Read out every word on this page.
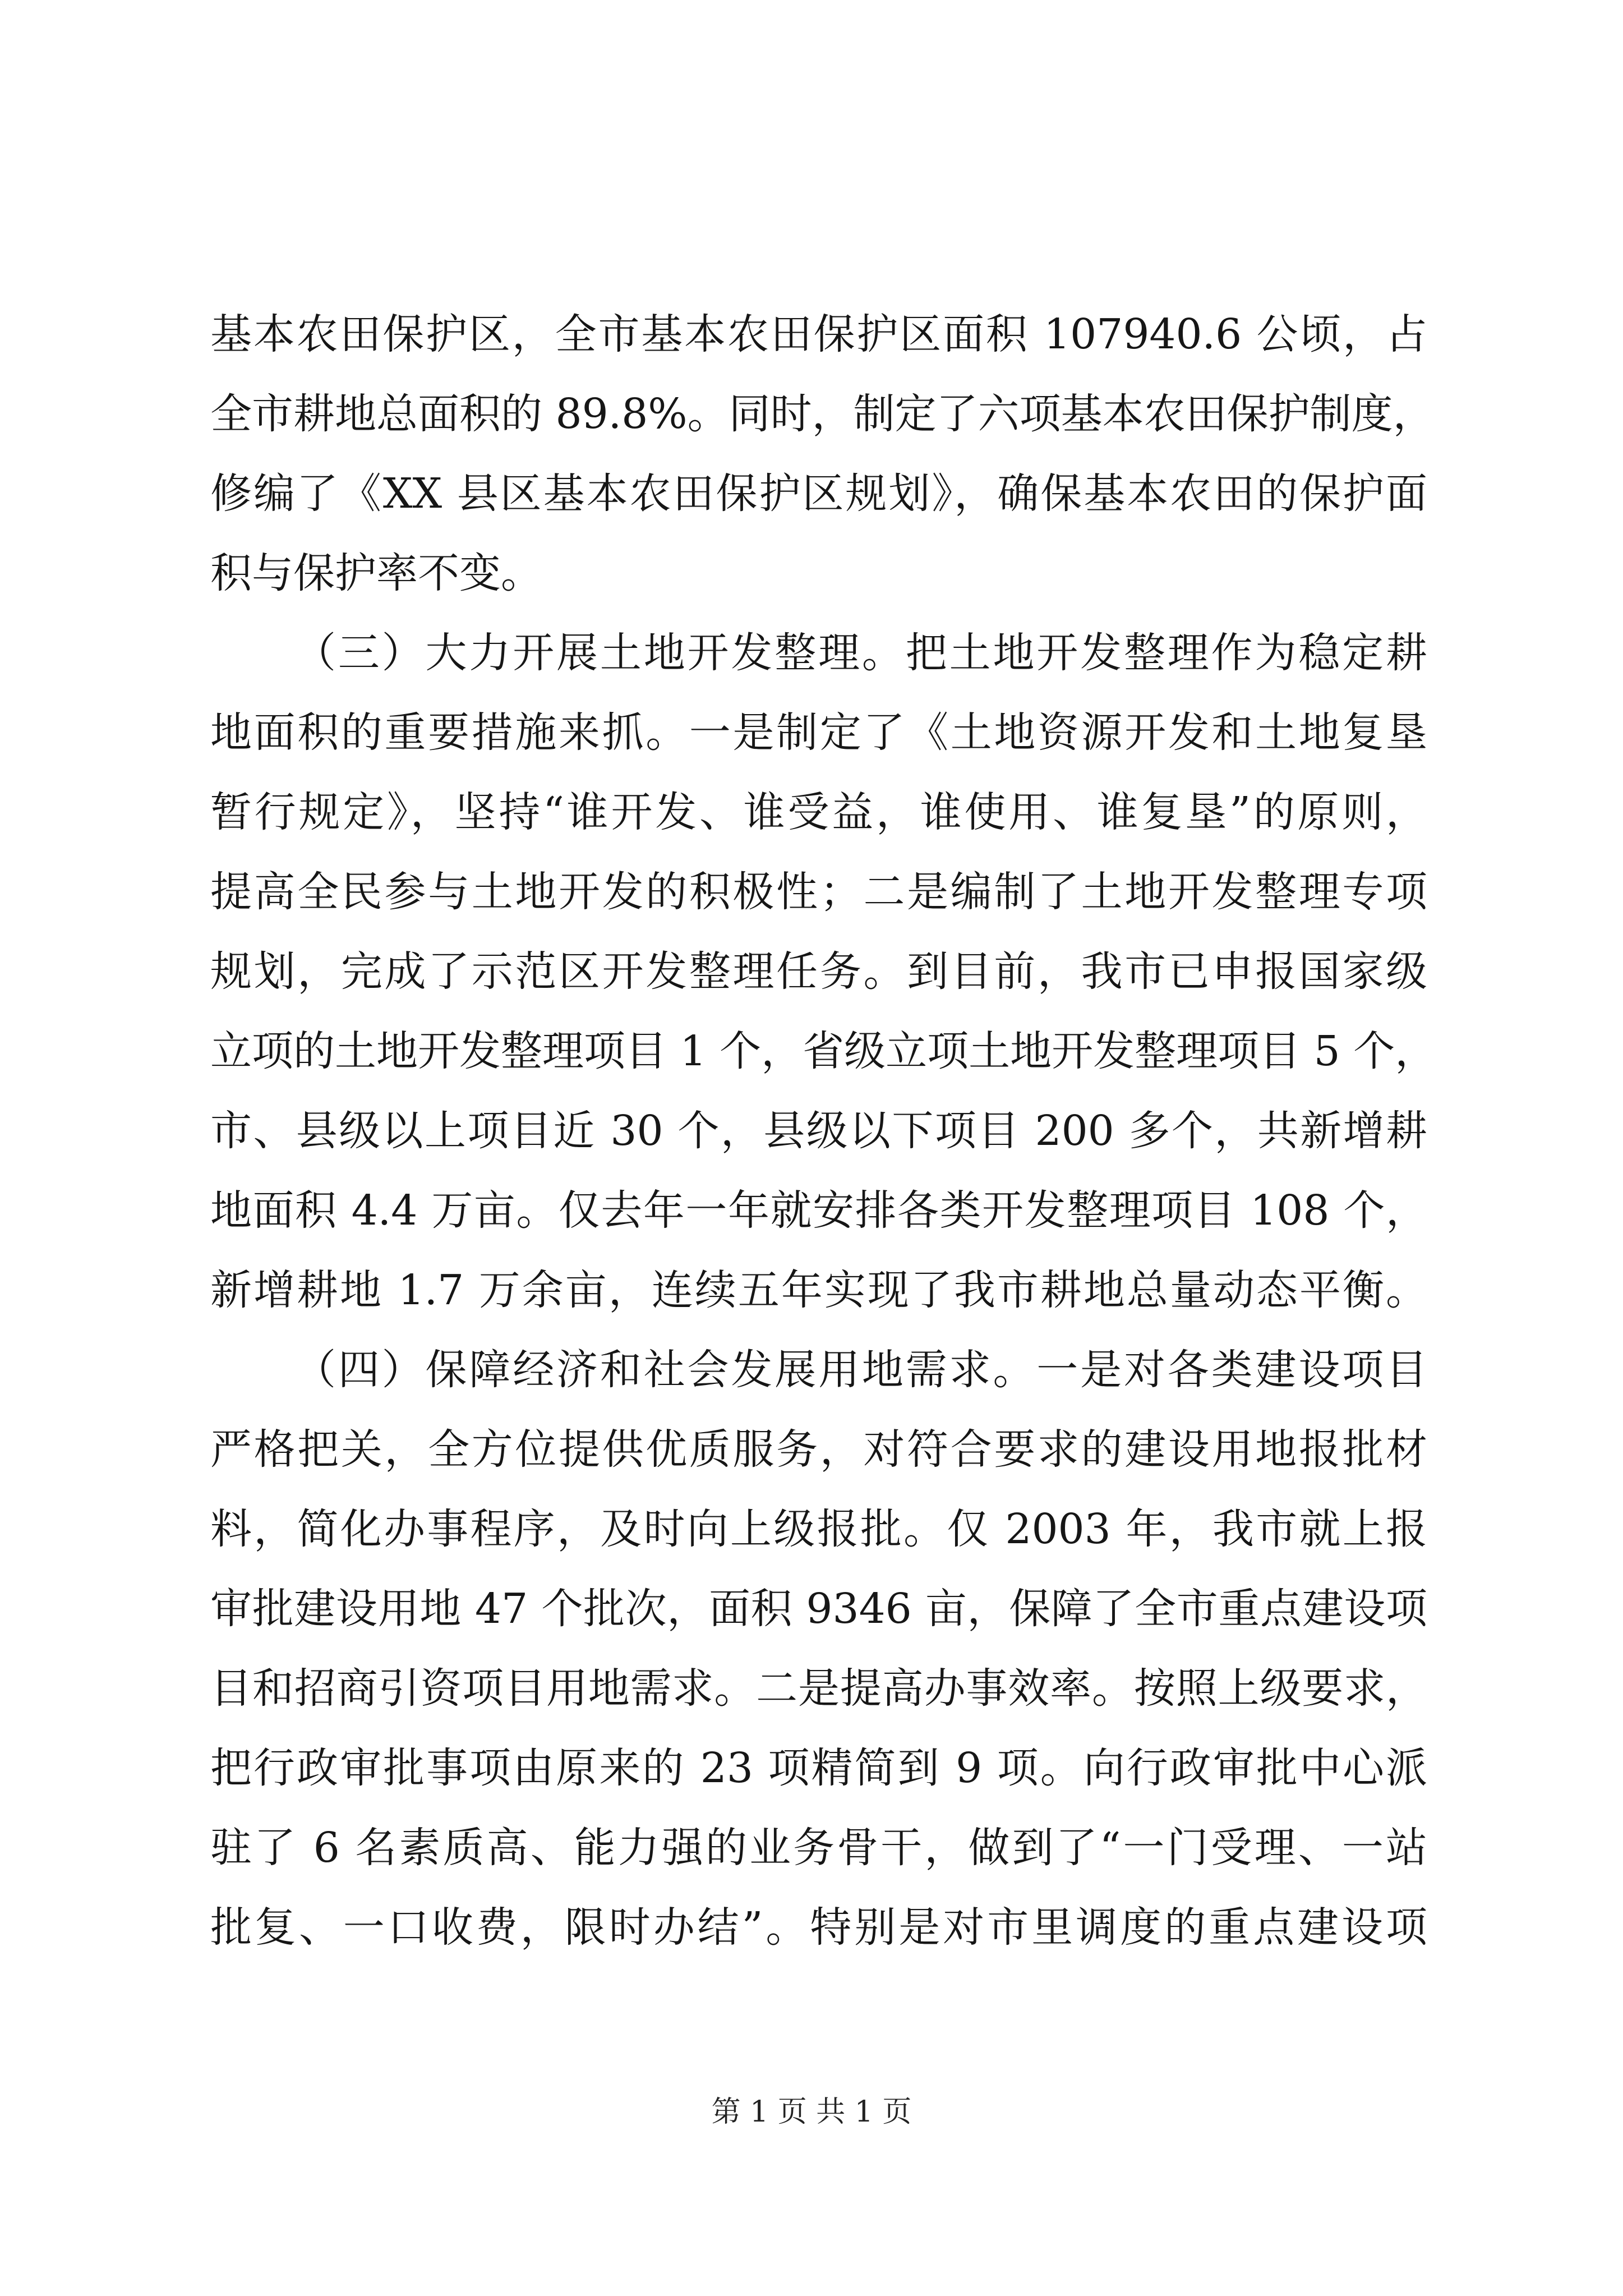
基本农田保护区，全市基本农田保护区面积 107940.6 公顷，占
全市耕地总面积的 89.8%。同时，制定了六项基本农田保护制度，
修编了《XX 县区基本农田保护区规划》，确保基本农田的保护面
积与保护率不变。
（三）大力开展土地开发整理。把土地开发整理作为稳定耕
地面积的重要措施来抓。一是制定了《土地资源开发和土地复垦
暂行规定》，坚持“谁开发、谁受益，谁使用、谁复垦”的原则，
提高全民参与土地开发的积极性；二是编制了土地开发整理专项
规划，完成了示范区开发整理任务。到目前，我市已申报国家级
立项的土地开发整理项目 1 个，省级立项土地开发整理项目 5 个，
市、县级以上项目近 30 个，县级以下项目 200 多个，共新增耕
地面积 4.4 万亩。仅去年一年就安排各类开发整理项目 108 个，
新增耕地 1.7 万余亩，连续五年实现了我市耕地总量动态平衡。
（四）保障经济和社会发展用地需求。一是对各类建设项目
严格把关，全方位提供优质服务，对符合要求的建设用地报批材
料，简化办事程序，及时向上级报批。仅 2003 年，我市就上报
审批建设用地 47 个批次，面积 9346 亩，保障了全市重点建设项
目和招商引资项目用地需求。二是提高办事效率。按照上级要求，
把行政审批事项由原来的 23 项精简到 9 项。向行政审批中心派
驻了 6 名素质高、能力强的业务骨干，做到了“一门受理、一站
批复、一口收费，限时办结”。特别是对市里调度的重点建设项
第 1 页 共 1 页
